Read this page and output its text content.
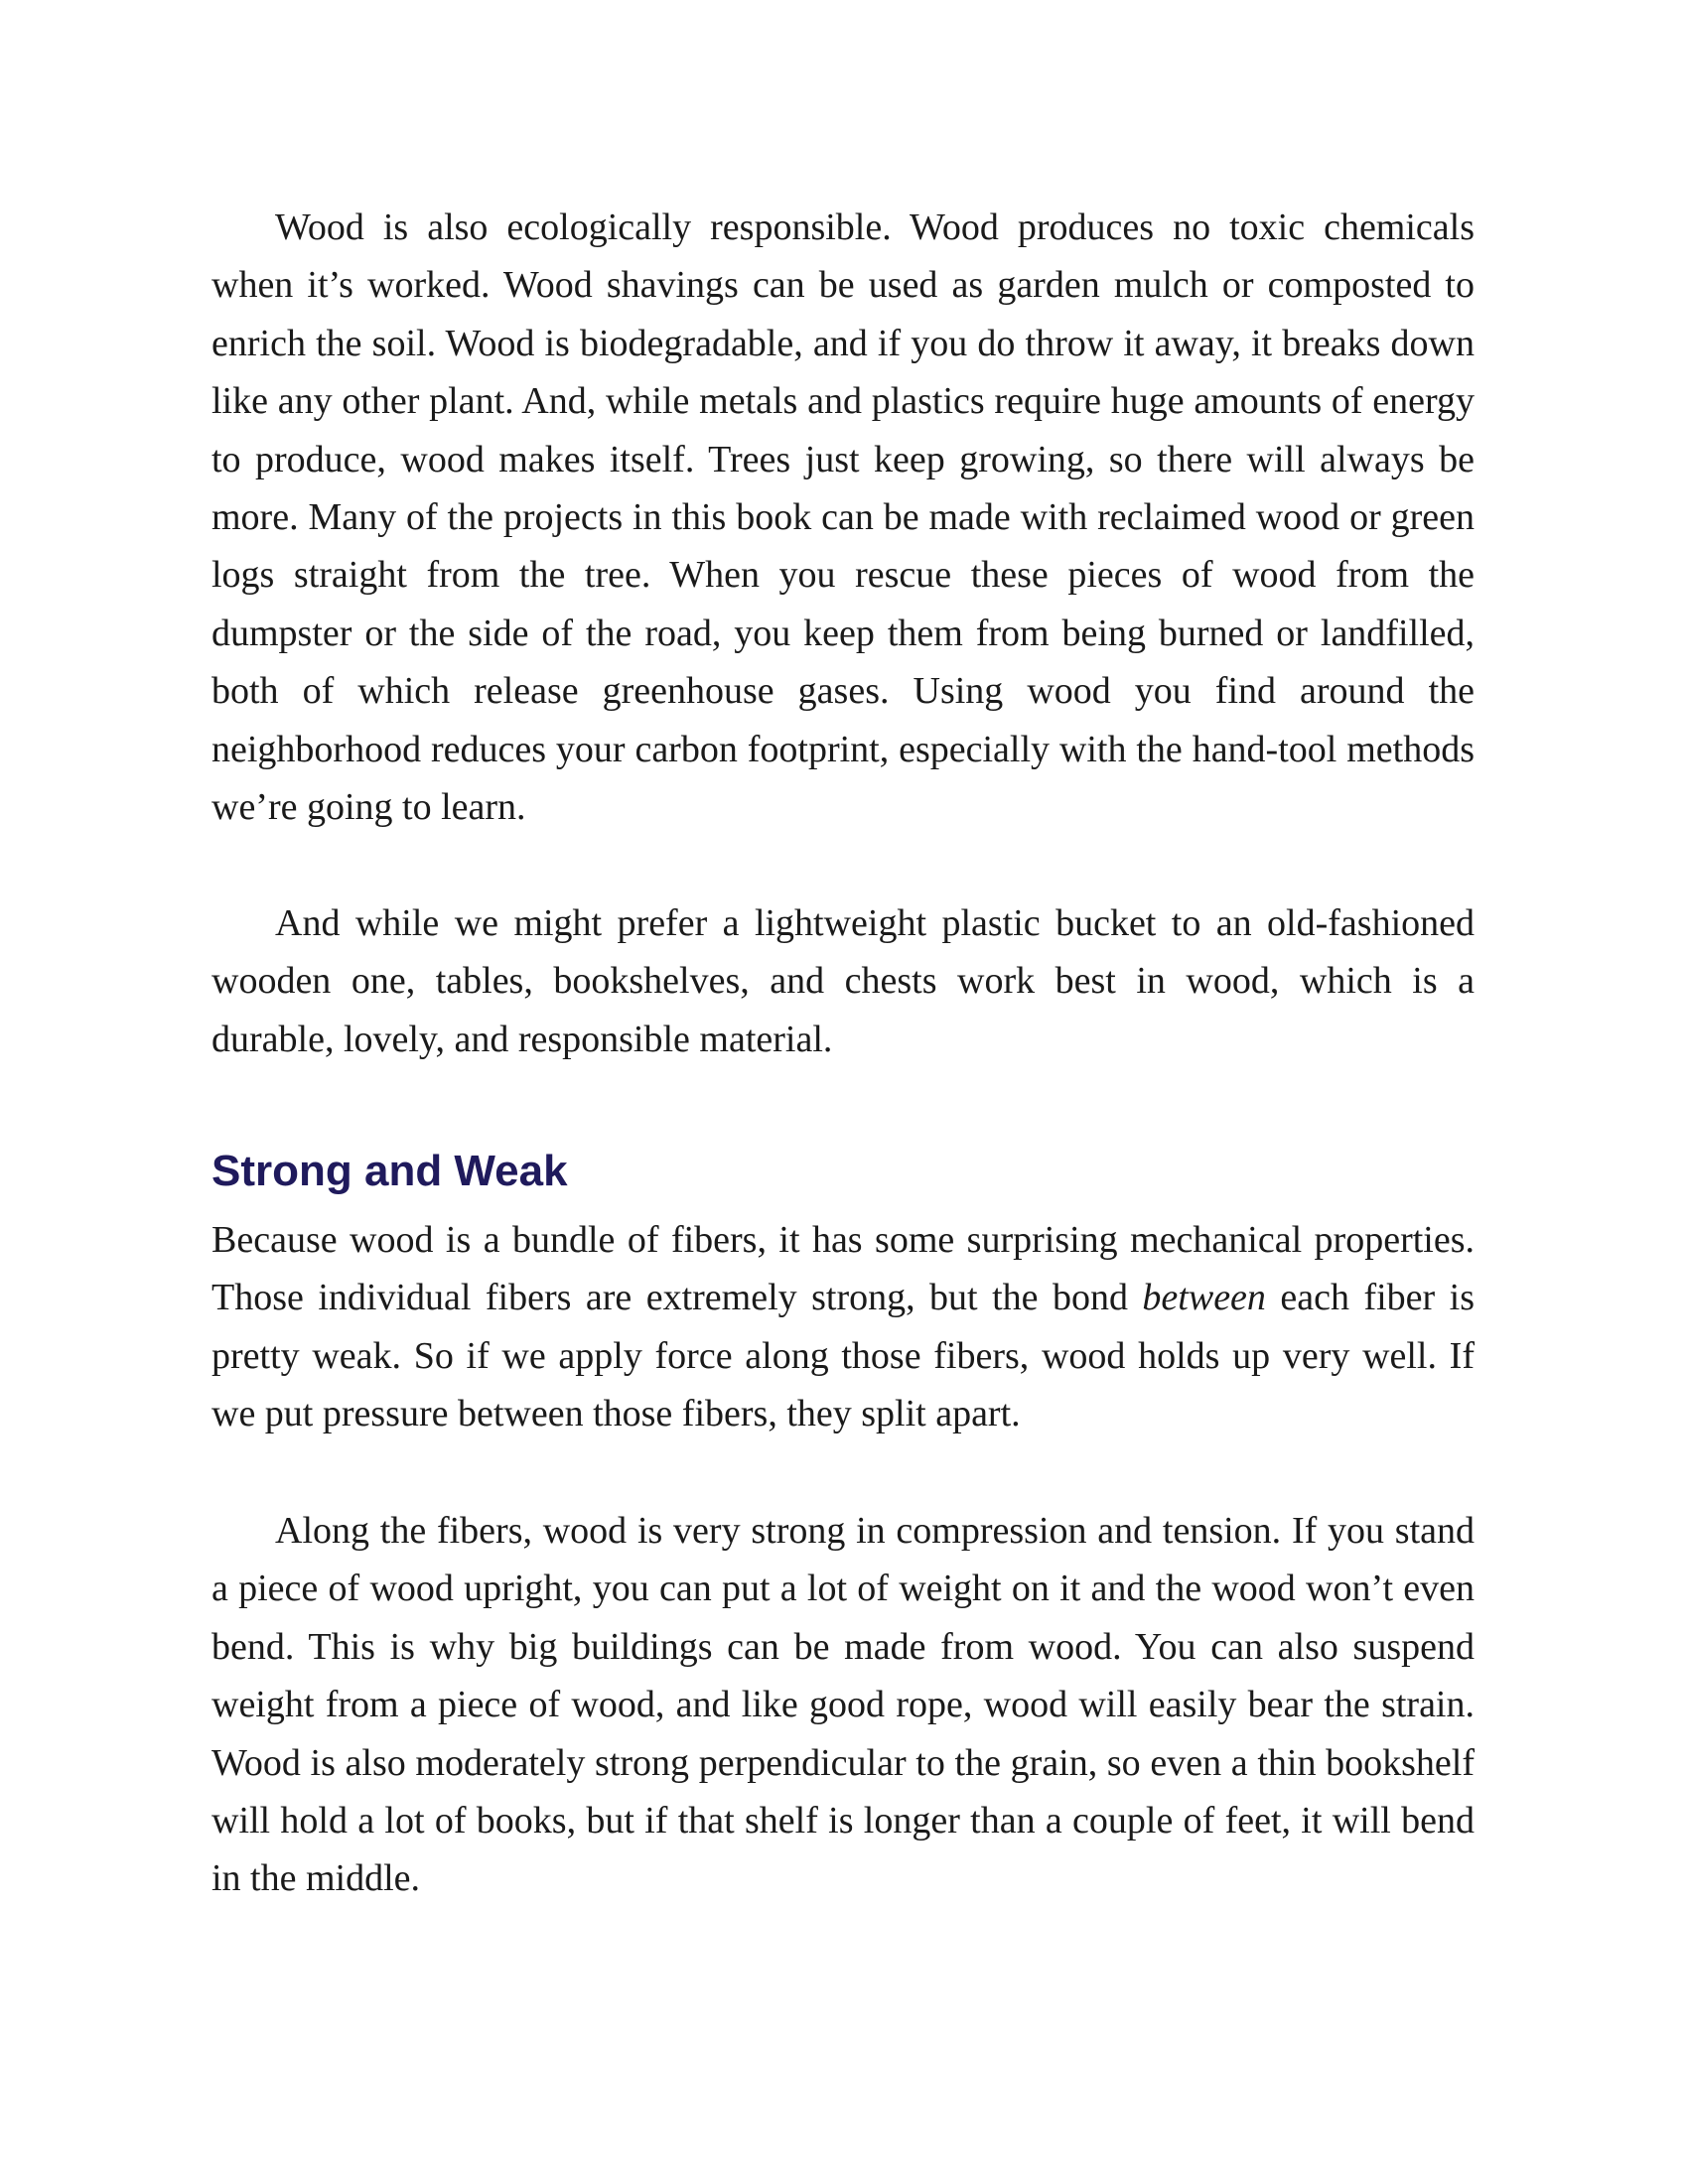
Wood is also ecologically responsible. Wood produces no toxic chemicals when it’s worked. Wood shavings can be used as garden mulch or composted to enrich the soil. Wood is biodegradable, and if you do throw it away, it breaks down like any other plant. And, while metals and plastics require huge amounts of energy to produce, wood makes itself. Trees just keep growing, so there will always be more. Many of the projects in this book can be made with reclaimed wood or green logs straight from the tree. When you rescue these pieces of wood from the dumpster or the side of the road, you keep them from being burned or landfilled, both of which release greenhouse gases. Using wood you find around the neighborhood reduces your carbon footprint, especially with the hand-tool methods we’re going to learn.

And while we might prefer a lightweight plastic bucket to an old-fashioned wooden one, tables, bookshelves, and chests work best in wood, which is a durable, lovely, and responsible material.

Strong and Weak

Because wood is a bundle of fibers, it has some surprising mechanical properties. Those individual fibers are extremely strong, but the bond between each fiber is pretty weak. So if we apply force along those fibers, wood holds up very well. If we put pressure between those fibers, they split apart.

Along the fibers, wood is very strong in compression and tension. If you stand a piece of wood upright, you can put a lot of weight on it and the wood won’t even bend. This is why big buildings can be made from wood. You can also suspend weight from a piece of wood, and like good rope, wood will easily bear the strain. Wood is also moderately strong perpendicular to the grain, so even a thin bookshelf will hold a lot of books, but if that shelf is longer than a couple of feet, it will bend in the middle.
